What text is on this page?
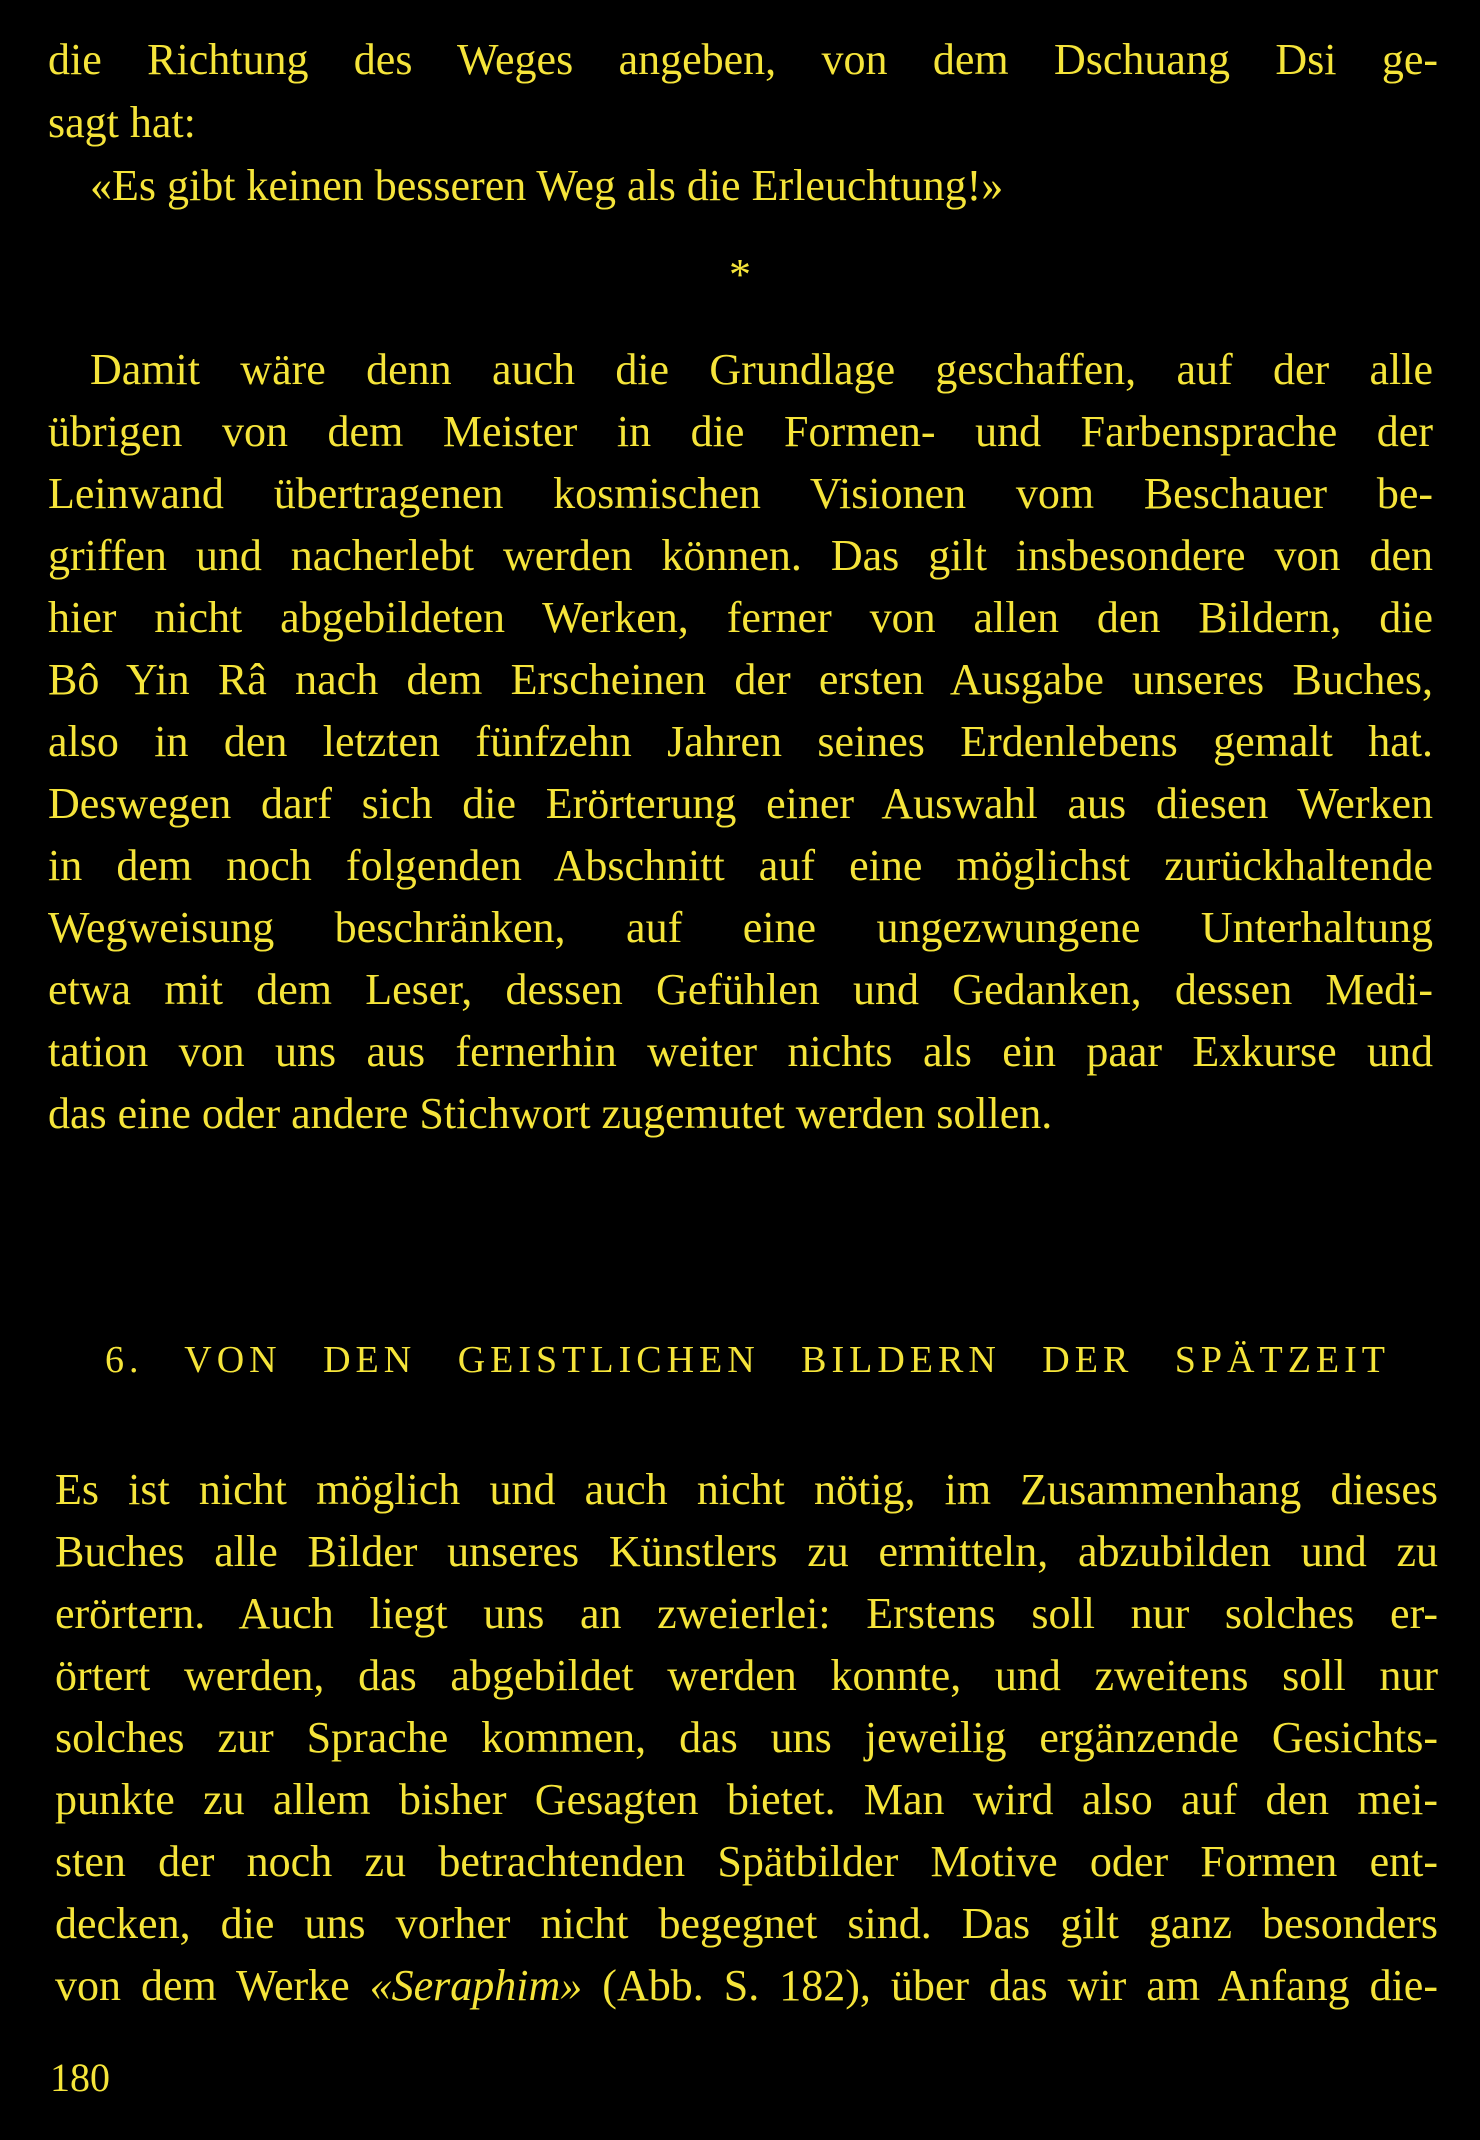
die Richtung des Weges angeben, von dem Dschuang Dsi ge-
sagt hat:
«Es gibt keinen besseren Weg als die Erleuchtung!»
*
Damit wäre denn auch die Grundlage geschaffen, auf der alle
übrigen von dem Meister in die Formen- und Farbensprache der
Leinwand übertragenen kosmischen Visionen vom Beschauer be-
griffen und nacherlebt werden können. Das gilt insbesondere von den
hier nicht abgebildeten Werken, ferner von allen den Bildern, die
Bô Yin Râ nach dem Erscheinen der ersten Ausgabe unseres Buches,
also in den letzten fünfzehn Jahren seines Erdenlebens gemalt hat.
Deswegen darf sich die Erörterung einer Auswahl aus diesen Werken
in dem noch folgenden Abschnitt auf eine möglichst zurückhaltende
Wegweisung beschränken, auf eine ungezwungene Unterhaltung
etwa mit dem Leser, dessen Gefühlen und Gedanken, dessen Medi-
tation von uns aus fernerhin weiter nichts als ein paar Exkurse und
das eine oder andere Stichwort zugemutet werden sollen.
6. VON DEN GEISTLICHEN BILDERN DER SPÄTZEIT
Es ist nicht möglich und auch nicht nötig, im Zusammenhang dieses
Buches alle Bilder unseres Künstlers zu ermitteln, abzubilden und zu
erörtern. Auch liegt uns an zweierlei: Erstens soll nur solches er-
örtert werden, das abgebildet werden konnte, und zweitens soll nur
solches zur Sprache kommen, das uns jeweilig ergänzende Gesichts-
punkte zu allem bisher Gesagten bietet. Man wird also auf den mei-
sten der noch zu betrachtenden Spätbilder Motive oder Formen ent-
decken, die uns vorher nicht begegnet sind. Das gilt ganz besonders
von dem Werke «Seraphim» (Abb. S. 182), über das wir am Anfang die-
180
